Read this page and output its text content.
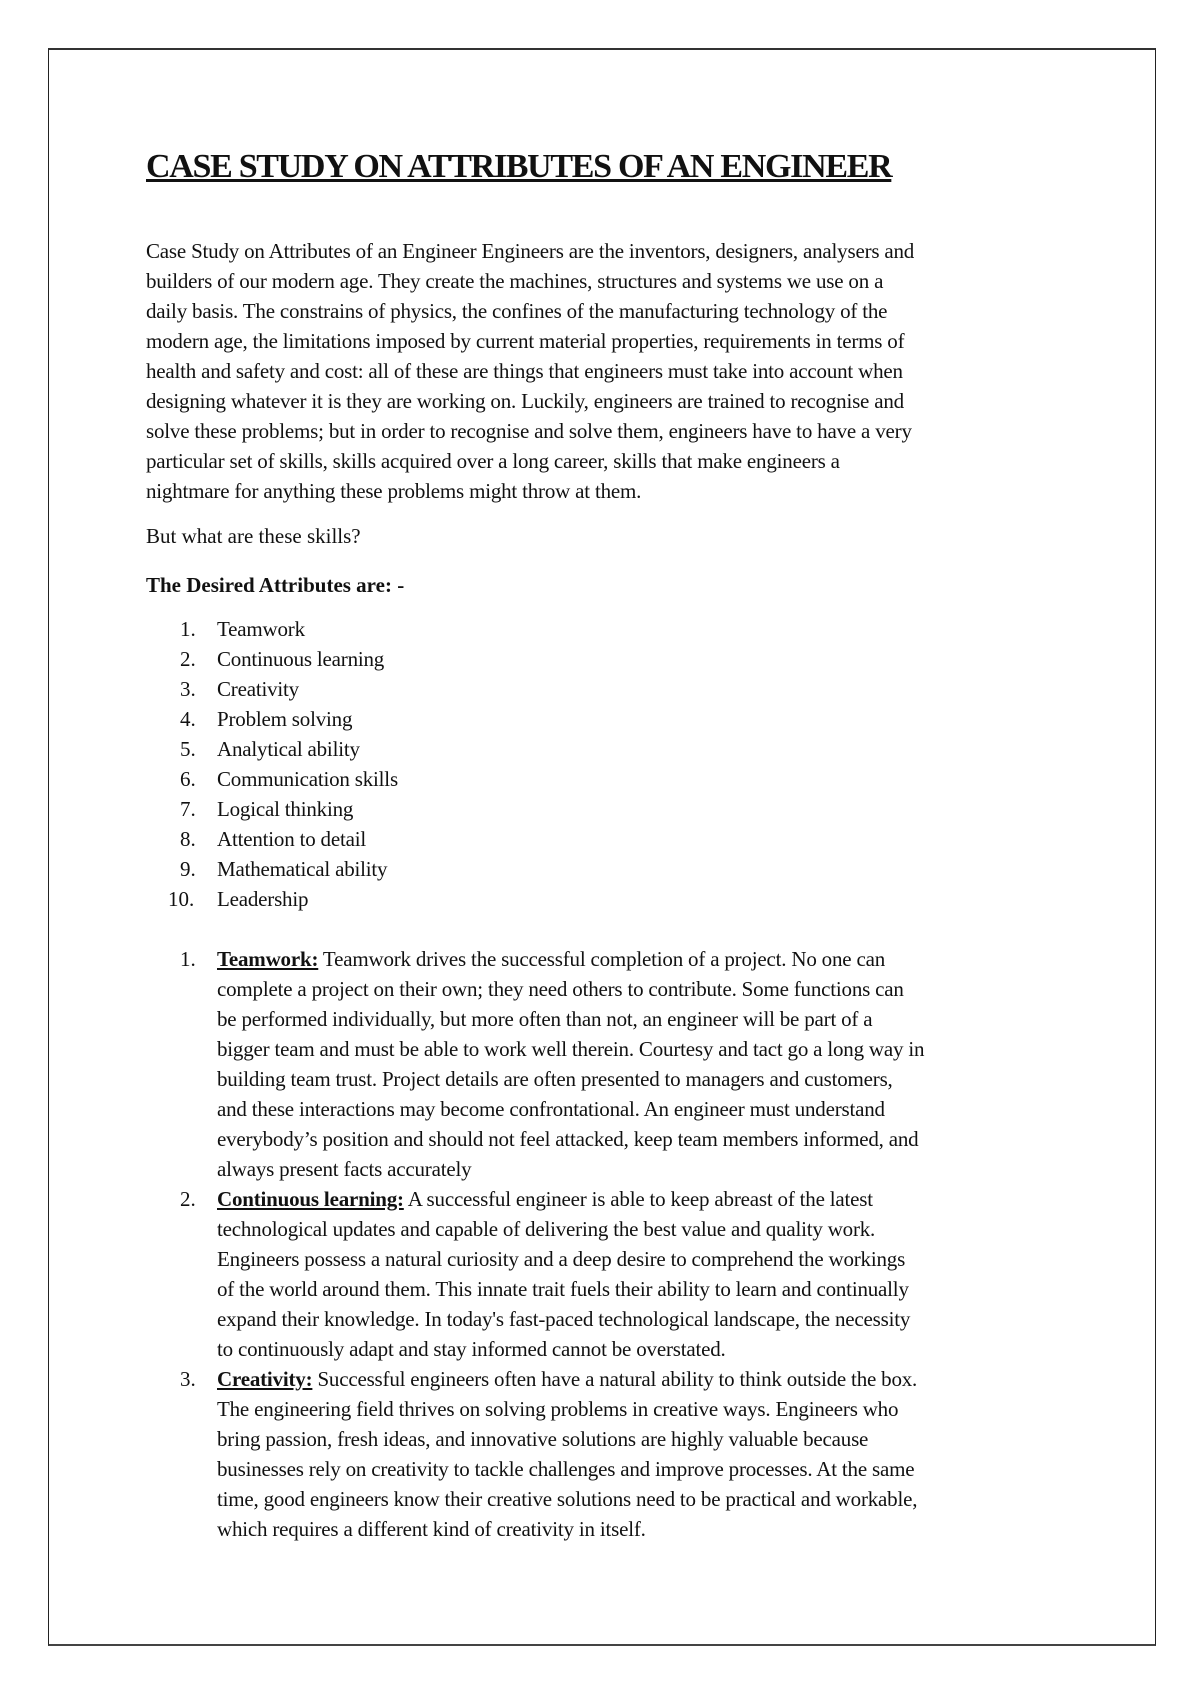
CASE STUDY ON ATTRIBUTES OF AN ENGINEER
Case Study on Attributes of an Engineer Engineers are the inventors, designers, analysers and
builders of our modern age. They create the machines, structures and systems we use on a
daily basis. The constrains of physics, the confines of the manufacturing technology of the
modern age, the limitations imposed by current material properties, requirements in terms of
health and safety and cost: all of these are things that engineers must take into account when
designing whatever it is they are working on. Luckily, engineers are trained to recognise and
solve these problems; but in order to recognise and solve them, engineers have to have a very
particular set of skills, skills acquired over a long career, skills that make engineers a
nightmare for anything these problems might throw at them.
But what are these skills?
The Desired Attributes are: -
1.	Teamwork
2.	Continuous learning
3.	Creativity
4.	Problem solving
5.	Analytical ability
6.	Communication skills
7.	Logical thinking
8.	Attention to detail
9.	Mathematical ability
10.	Leadership
1.	Teamwork: Teamwork drives the successful completion of a project. No one can
complete a project on their own; they need others to contribute. Some functions can
be performed individually, but more often than not, an engineer will be part of a
bigger team and must be able to work well therein. Courtesy and tact go a long way in
building team trust. Project details are often presented to managers and customers,
and these interactions may become confrontational. An engineer must understand
everybody’s position and should not feel attacked, keep team members informed, and
always present facts accurately
2.	Continuous learning: A successful engineer is able to keep abreast of the latest
technological updates and capable of delivering the best value and quality work.
Engineers possess a natural curiosity and a deep desire to comprehend the workings
of the world around them. This innate trait fuels their ability to learn and continually
expand their knowledge. In today's fast-paced technological landscape, the necessity
to continuously adapt and stay informed cannot be overstated.
3.	Creativity: Successful engineers often have a natural ability to think outside the box.
The engineering field thrives on solving problems in creative ways. Engineers who
bring passion, fresh ideas, and innovative solutions are highly valuable because
businesses rely on creativity to tackle challenges and improve processes. At the same
time, good engineers know their creative solutions need to be practical and workable,
which requires a different kind of creativity in itself.
